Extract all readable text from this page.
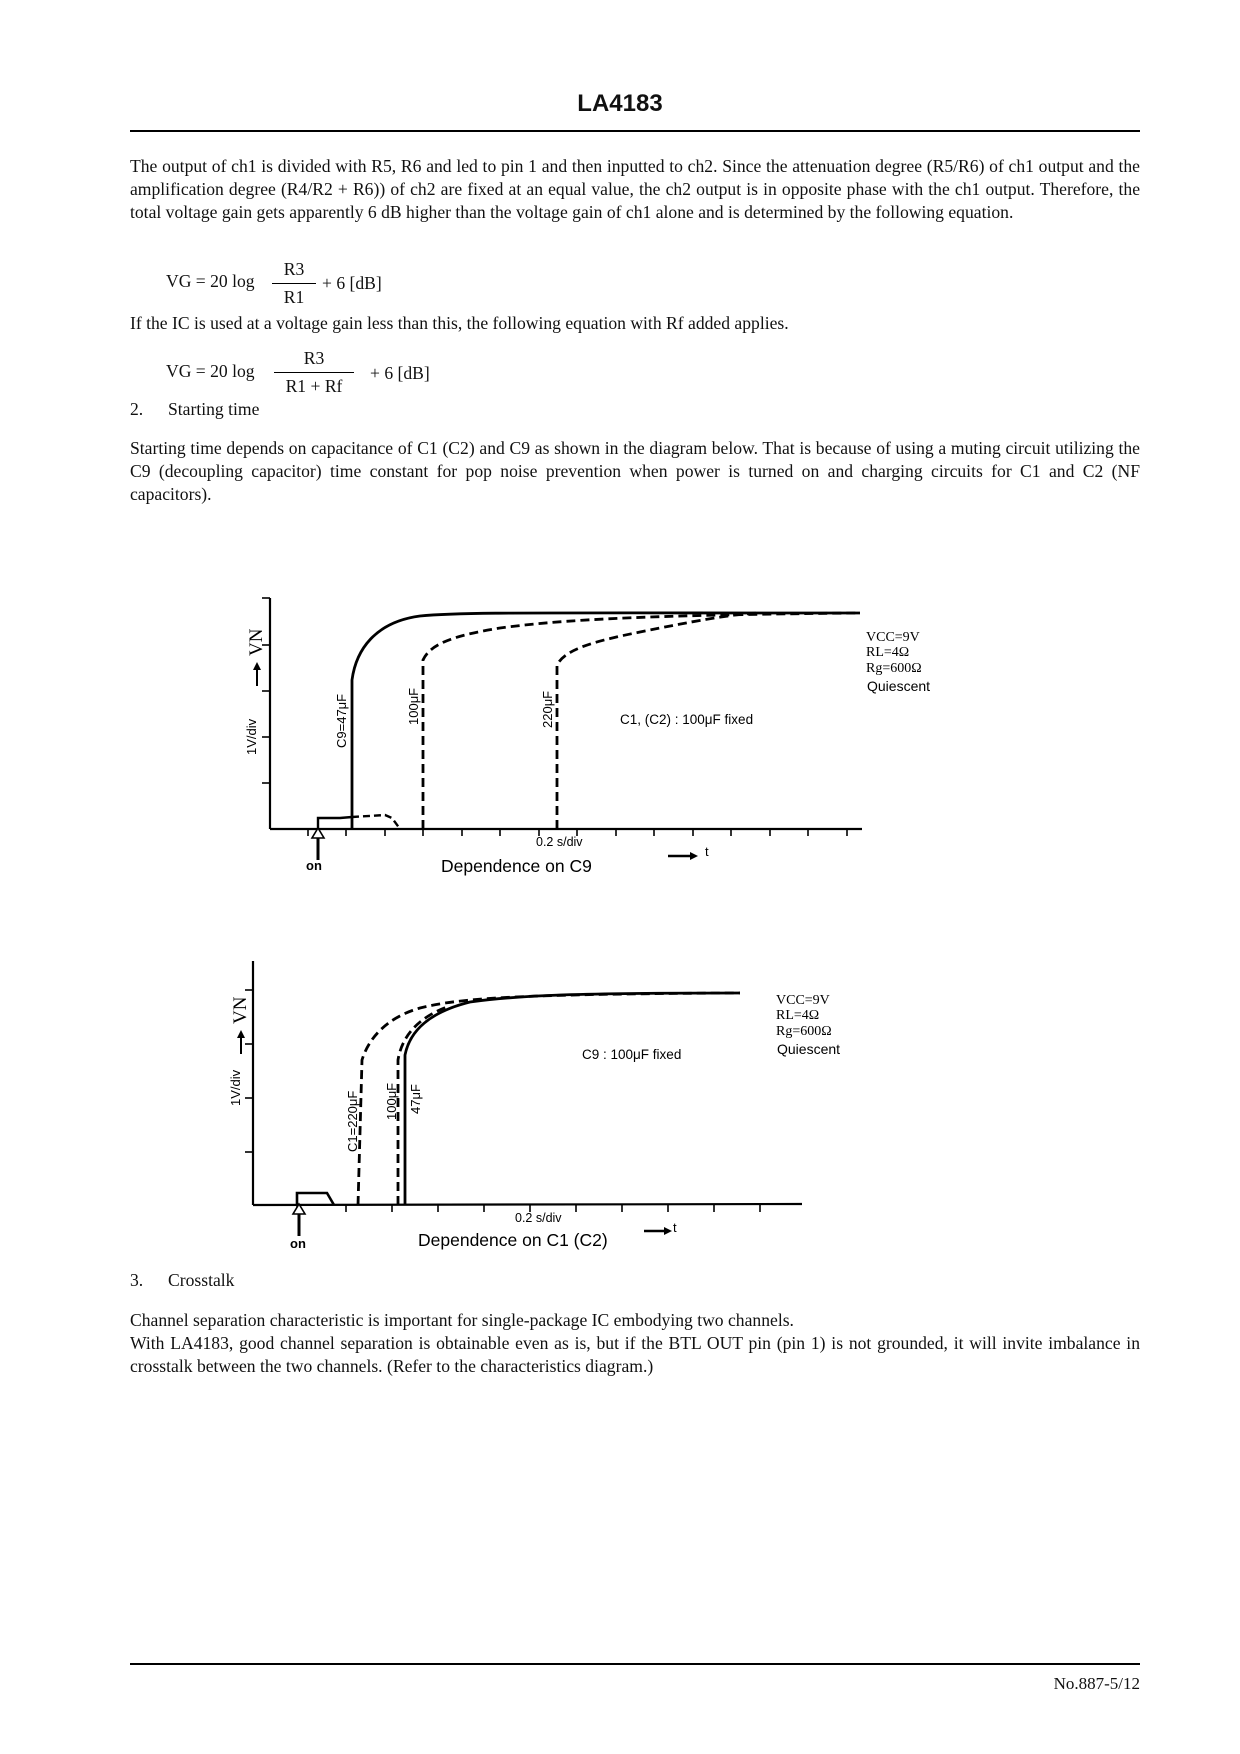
LA4183
The output of ch1 is divided with R5, R6 and led to pin 1 and then inputted to ch2. Since the attenuation degree (R5/R6) of ch1 output and the amplification degree (R4/R2 + R6)) of ch2 are fixed at an equal value, the ch2 output is in opposite phase with the ch1 output. Therefore, the total voltage gain gets apparently 6 dB higher than the voltage gain of ch1 alone and is determined by the following equation.
VG = 20 $\log \frac{R3}{R1} + 6$ [dB]
If the IC is used at a voltage gain less than this, the following equation with Rf added applies.
VG = 20 $\log \frac{R3}{R1 + Rf} + 6$ [dB]
2. Starting time
Starting time depends on capacitance of C1 (C2) and C9 as shown in the diagram below. That is because of using a muting circuit utilizing the C9 (decoupling capacitor) time constant for pop noise prevention when power is turned on and charging circuits for C1 and C2 (NF capacitors).
1V/div
VN
C9=47μF	100μF	220μF	C1, (C2) : 100μF fixed
VCC=9V
RL=4Ω
Rg=600Ω
Quiescent
0.2 s/div
t
on	Dependence on C9
1V/div
VN
C1=220μF 100μF 47μF
C9 : 100μF fixed
VCC=9V
RL=4Ω
Rg=600Ω
Quiescent
0.2 s/div
t
on	Dependence on C1 (C2)
3. Crosstalk
Channel separation characteristic is important for single-package IC embodying two channels.
With LA4183, good channel separation is obtainable even as is, but if the BTL OUT pin (pin 1) is not grounded, it will invite imbalance in crosstalk between the two channels. (Refer to the characteristics diagram.)
No.887-5/12
